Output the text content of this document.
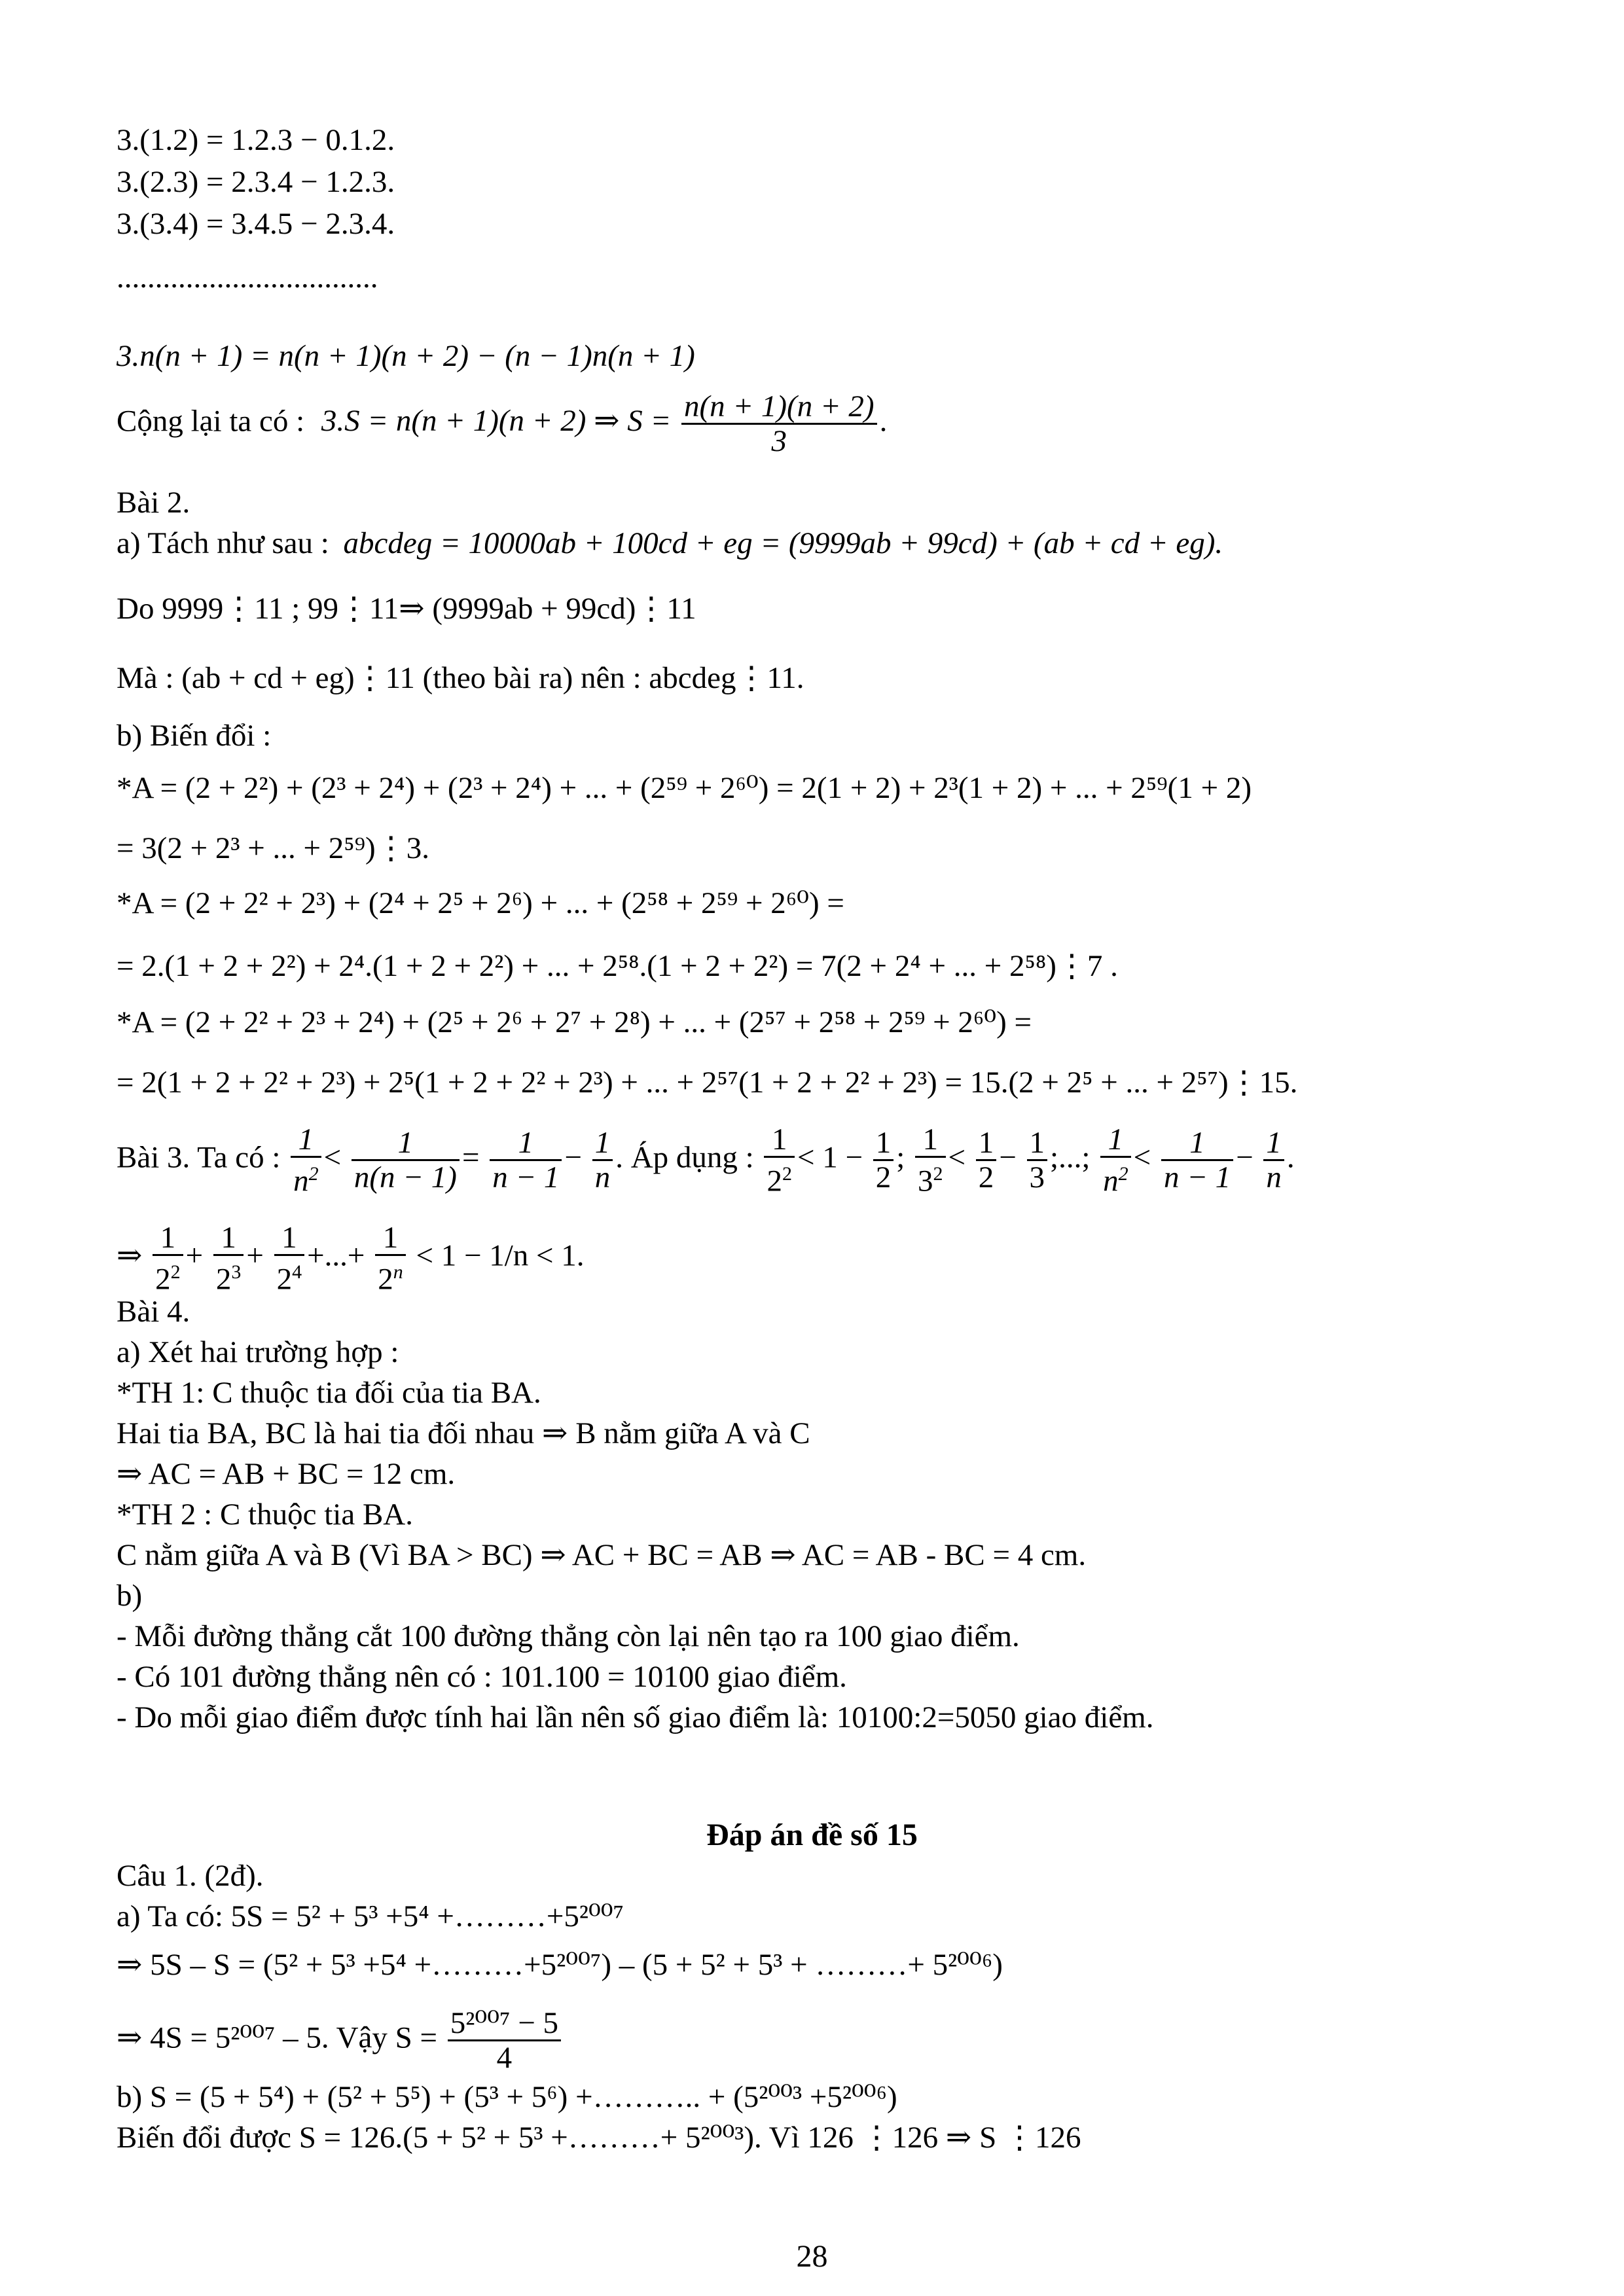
3.(1.2) = 1.2.3 − 0.1.2.
3.(2.3) = 2.3.4 − 1.2.3.
3.(3.4) = 3.4.5 − 2.3.4.
..................................
3.n(n + 1) = n(n + 1)(n + 2) − (n − 1)n(n + 1)
Cộng lại ta có : 3.S = n(n + 1)(n + 2) ⇒ $S = \frac{n(n + 1)(n + 2)}{3}$ .
Bài 2.
a) Tách như sau : abcdeg = 10000ab + 100cd + eg = (9999ab + 99cd) + (ab + cd + eg).
Do 9999⋮11 ; 99⋮11⇒ (9999ab + 99cd)⋮11
Mà : (ab + cd + eg)⋮11 (theo bài ra) nên : abcdeg⋮11.
b) Biến đổi :
*A = (2 + 2²) + (2³ + 2⁴) + (2³ + 2⁴) + ... + (2⁵⁹ + 2⁶⁰) = 2(1 + 2) + 2³(1 + 2) + ... + 2⁵⁹(1 + 2)
= 3(2 + 2³ + ... + 2⁵⁹)⋮3.
*A = (2 + 2² + 2³) + (2⁴ + 2⁵ + 2⁶) + ... + (2⁵⁸ + 2⁵⁹ + 2⁶⁰) =
= 2.(1 + 2 + 2²) + 2⁴.(1 + 2 + 2²) + ... + 2⁵⁸.(1 + 2 + 2²) = 7(2 + 2⁴ + ... + 2⁵⁸)⋮7 .
*A = (2 + 2² + 2³ + 2⁴) + (2⁵ + 2⁶ + 2⁷ + 2⁸) + ... + (2⁵⁷ + 2⁵⁸ + 2⁵⁹ + 2⁶⁰) =
= 2(1 + 2 + 2² + 2³) + 2⁵(1 + 2 + 2² + 2³) + ... + 2⁵⁷(1 + 2 + 2² + 2³) = 15.(2 + 2⁵ + ... + 2⁵⁷)⋮15.
Bài 3. Ta có : $\frac{1}{n^2} < \frac{1}{n(n - 1)} = \frac{1}{n - 1} - \frac{1}{n}$ . Áp dụng : $\frac{1}{2^2} < 1 - \frac{1}{2}$ ; $\frac{1}{3^2} < \frac{1}{2} - \frac{1}{3}$ ;...; $\frac{1}{n^2} < \frac{1}{n - 1} - \frac{1}{n}$ .
⇒ $\frac{1}{2^2} + \frac{1}{2^3} + \frac{1}{2^4}$ +...+ $\frac{1}{2^n} < 1 - 1/n < 1$.
Bài 4.
a) Xét hai trường hợp :
*TH 1: C thuộc tia đối của tia BA.
Hai tia BA, BC là hai tia đối nhau ⇒ B nằm giữa A và C
⇒ AC = AB + BC = 12 cm.
*TH 2 : C thuộc tia BA.
C nằm giữa A và B (Vì BA > BC) ⇒ AC + BC = AB ⇒ AC = AB - BC = 4 cm.
b)
- Mỗi đường thẳng cắt 100 đường thẳng còn lại nên tạo ra 100 giao điểm.
- Có 101 đường thẳng nên có : 101.100 = 10100 giao điểm.
- Do mỗi giao điểm được tính hai lần nên số giao điểm là: 10100:2=5050 giao điểm.
Đáp án đề số 15
Câu 1. (2đ).
a) Ta có: 5S = 5² + 5³ +5⁴ +………+5²⁰⁰⁷
⇒ 5S – S = (5² + 5³ +5⁴ +………+5²⁰⁰⁷) – (5 + 5² + 5³ + ………+ 5²⁰⁰⁶)
⇒ 4S = 5²⁰⁰⁷ – 5. Vậy $S = \frac{\text{5²⁰⁰⁷ − 5}}{4}$
b) S = (5 + 5⁴) + (5² + 5⁵) + (5³ + 5⁶) +……….. + (5²⁰⁰³ +5²⁰⁰⁶)
Biến đổi được S = 126.(5 + 5² + 5³ +………+ 5²⁰⁰³). Vì 126 ⋮126 ⇒ S ⋮126
28
